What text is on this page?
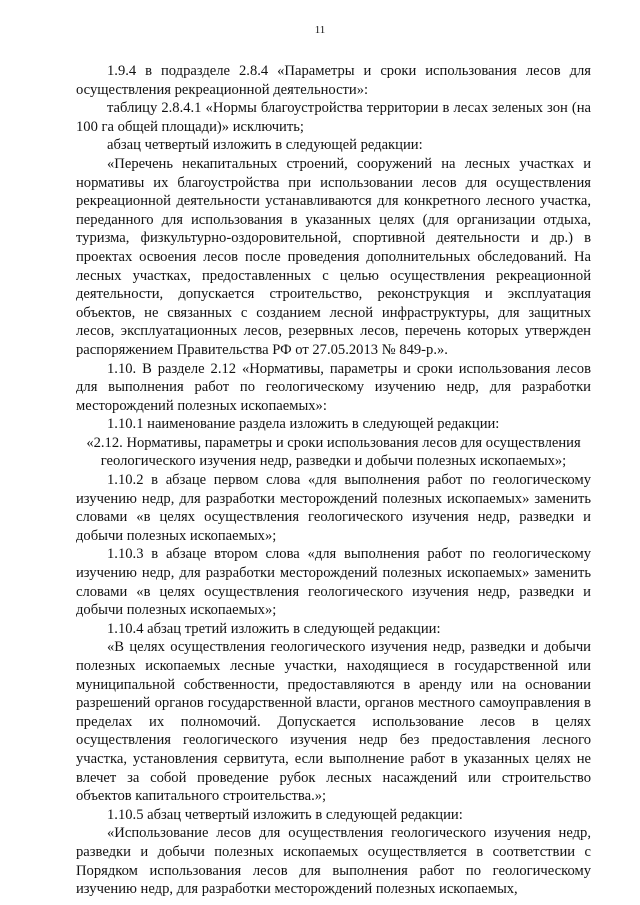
11

1.9.4 в подразделе 2.8.4 «Параметры и сроки использования лесов для осуществления рекреационной деятельности»:

таблицу 2.8.4.1 «Нормы благоустройства территории в лесах зеленых зон (на 100 га общей площади)» исключить;

абзац четвертый изложить в следующей редакции:

«Перечень некапитальных строений, сооружений на лесных участках и нормативы их благоустройства при использовании лесов для осуществления рекреационной деятельности устанавливаются для конкретного лесного участка, переданного для использования в указанных целях (для организации отдыха, туризма, физкультурно-оздоровительной, спортивной деятельности и др.) в проектах освоения лесов после проведения дополнительных обследований. На лесных участках, предоставленных с целью осуществления рекреационной деятельности, допускается строительство, реконструкция и эксплуатация объектов, не связанных с созданием лесной инфраструктуры, для защитных лесов, эксплуатационных лесов, резервных лесов, перечень которых утвержден распоряжением Правительства РФ от 27.05.2013 № 849-р.».

1.10. В разделе 2.12 «Нормативы, параметры и сроки использования лесов для выполнения работ по геологическому изучению недр, для разработки месторождений полезных ископаемых»:

1.10.1 наименование раздела изложить в следующей редакции:

«2.12. Нормативы, параметры и сроки использования лесов для осуществления геологического изучения недр, разведки и добычи полезных ископаемых»;

1.10.2 в абзаце первом слова «для выполнения работ по геологическому изучению недр, для разработки месторождений полезных ископаемых» заменить словами «в целях осуществления геологического изучения недр, разведки и добычи полезных ископаемых»;

1.10.3 в абзаце втором слова «для выполнения работ по геологическому изучению недр, для разработки месторождений полезных ископаемых» заменить словами «в целях осуществления геологического изучения недр, разведки и добычи полезных ископаемых»;

1.10.4 абзац третий изложить в следующей редакции:

«В целях осуществления геологического изучения недр, разведки и добычи полезных ископаемых лесные участки, находящиеся в государственной или муниципальной собственности, предоставляются в аренду или на основании разрешений органов государственной власти, органов местного самоуправления в пределах их полномочий. Допускается использование лесов в целях осуществления геологического изучения недр без предоставления лесного участка, установления сервитута, если выполнение работ в указанных целях не влечет за собой проведение рубок лесных насаждений или строительство объектов капитального строительства.»;

1.10.5 абзац четвертый изложить в следующей редакции:

«Использование лесов для осуществления геологического изучения недр, разведки и добычи полезных ископаемых осуществляется в соответствии с Порядком использования лесов для выполнения работ по геологическому изучению недр, для разработки месторождений полезных ископаемых,
